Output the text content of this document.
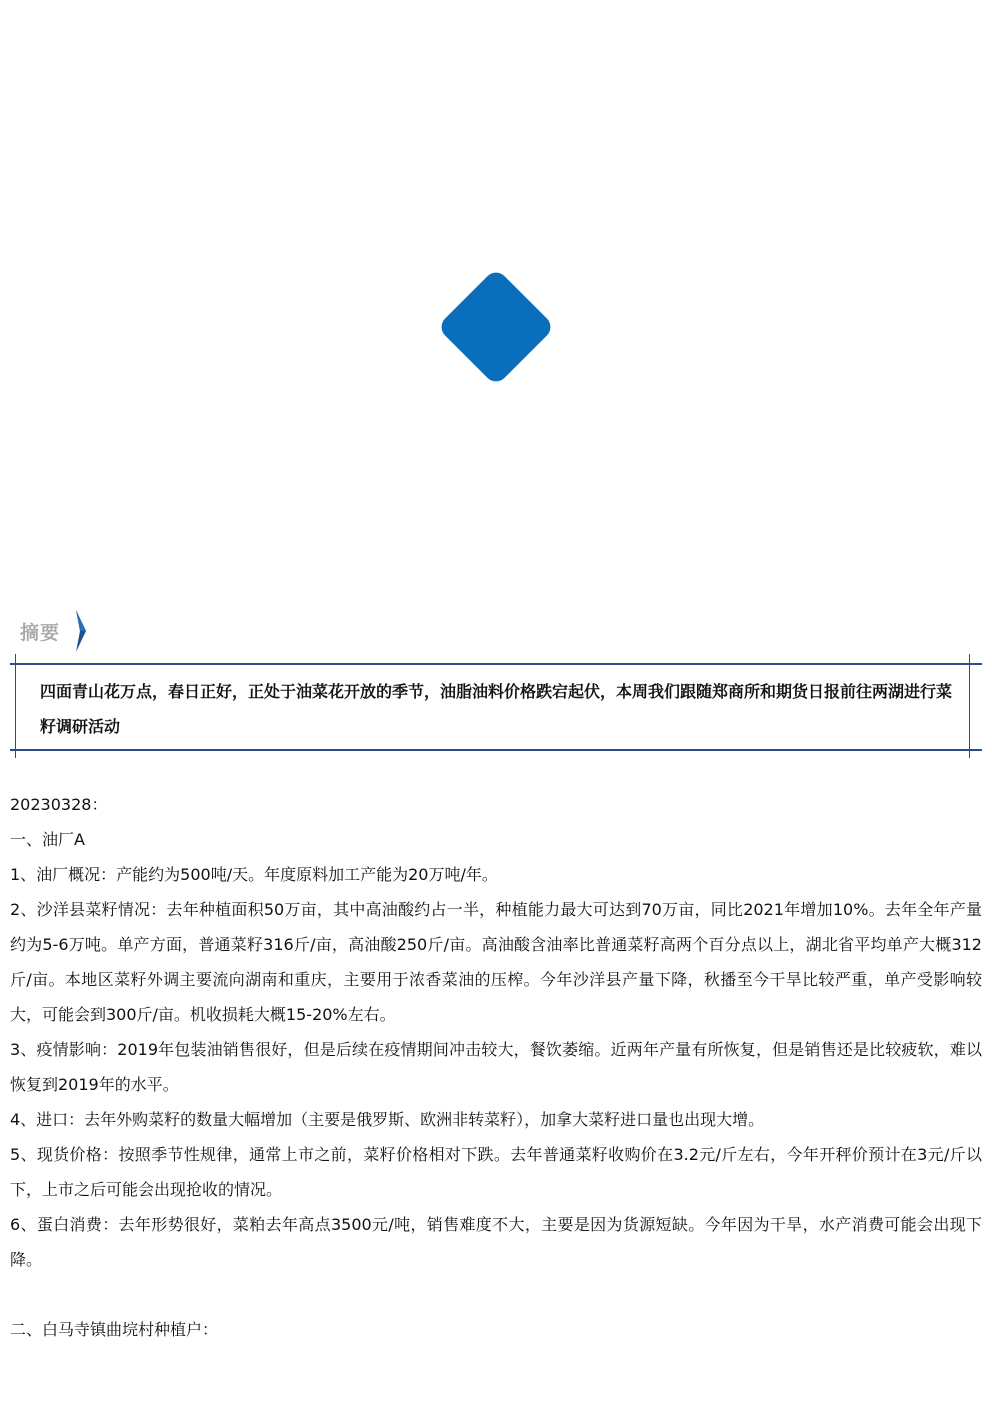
摘要
四面青山花万点，春日正好，正处于油菜花开放的季节，油脂油料价格跌宕起伏，本周我们跟随郑商所和期货日报前往两湖进行菜籽调研活动

20230328：

一、油厂A

1、油厂概况：产能约为500吨/天。年度原料加工产能为20万吨/年。

2、沙洋县菜籽情况：去年种植面积50万亩，其中高油酸约占一半，种植能力最大可达到70万亩，同比2021年增加10%。去年全年产量约为5-6万吨。单产方面，普通菜籽316斤/亩，高油酸250斤/亩。高油酸含油率比普通菜籽高两个百分点以上，湖北省平均单产大概312斤/亩。本地区菜籽外调主要流向湖南和重庆，主要用于浓香菜油的压榨。今年沙洋县产量下降，秋播至今干旱比较严重，单产受影响较大，可能会到300斤/亩。机收损耗大概15-20%左右。

3、疫情影响：2019年包装油销售很好，但是后续在疫情期间冲击较大，餐饮萎缩。近两年产量有所恢复，但是销售还是比较疲软，难以恢复到2019年的水平。

4、进口：去年外购菜籽的数量大幅增加（主要是俄罗斯、欧洲非转菜籽），加拿大菜籽进口量也出现大增。

5、现货价格：按照季节性规律，通常上市之前，菜籽价格相对下跌。去年普通菜籽收购价在3.2元/斤左右，今年开秤价预计在3元/斤以下，上市之后可能会出现抢收的情况。

6、蛋白消费：去年形势很好，菜粕去年高点3500元/吨，销售难度不大，主要是因为货源短缺。今年因为干旱，水产消费可能会出现下降。

二、白马寺镇曲垸村种植户：
